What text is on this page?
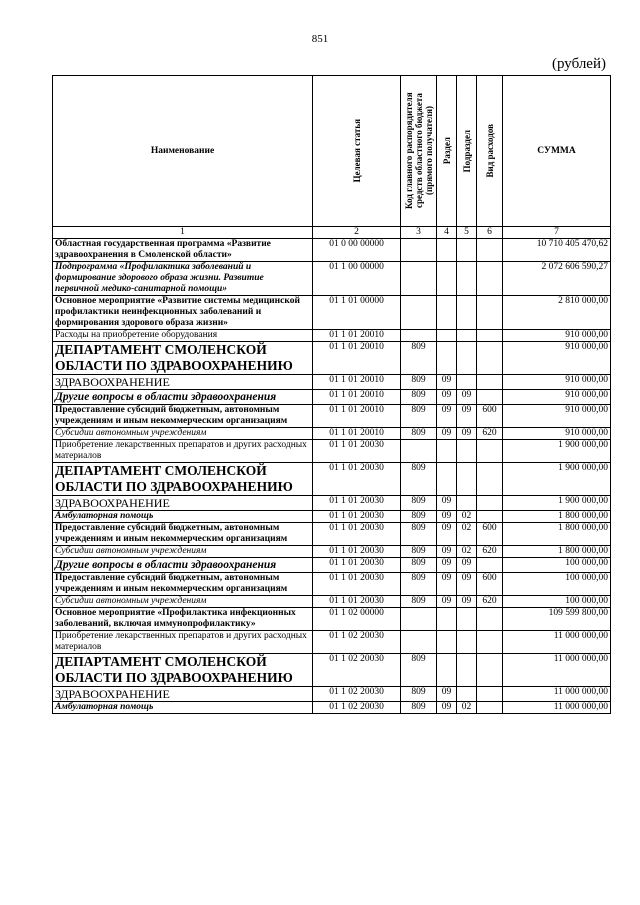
851
(рублей)
Наименование	Целевая статья	Код главного распорядителя средств областного бюджета (прямого получателя)	Раздел	Подраздел	Вид расходов	СУММА
1	2	3	4	5	6	7
Областная государственная программа «Развитие здравоохранения в Смоленской области»	01 0 00 00000					10 710 405 470,62
Подпрограмма «Профилактика заболеваний и формирование здорового образа жизни. Развитие первичной медико-санитарной помощи»	01 1 00 00000					2 072 606 590,27
Основное мероприятие «Развитие системы медицинской профилактики неинфекционных заболеваний и формирования здорового образа жизни»	01 1 01 00000					2 810 000,00
Расходы на приобретение оборудования	01 1 01 20010					910 000,00
ДЕПАРТАМЕНТ СМОЛЕНСКОЙ ОБЛАСТИ ПО ЗДРАВООХРАНЕНИЮ	01 1 01 20010	809				910 000,00
ЗДРАВООХРАНЕНИЕ	01 1 01 20010	809	09			910 000,00
Другие вопросы в области здравоохранения	01 1 01 20010	809	09	09		910 000,00
Предоставление субсидий бюджетным, автономным учреждениям и иным некоммерческим организациям	01 1 01 20010	809	09	09	600	910 000,00
Субсидии автономным учреждениям	01 1 01 20010	809	09	09	620	910 000,00
Приобретение лекарственных препаратов и других расходных материалов	01 1 01 20030					1 900 000,00
ДЕПАРТАМЕНТ СМОЛЕНСКОЙ ОБЛАСТИ ПО ЗДРАВООХРАНЕНИЮ	01 1 01 20030	809				1 900 000,00
ЗДРАВООХРАНЕНИЕ	01 1 01 20030	809	09			1 900 000,00
Амбулаторная помощь	01 1 01 20030	809	09	02		1 800 000,00
Предоставление субсидий бюджетным, автономным учреждениям и иным некоммерческим организациям	01 1 01 20030	809	09	02	600	1 800 000,00
Субсидии автономным учреждениям	01 1 01 20030	809	09	02	620	1 800 000,00
Другие вопросы в области здравоохранения	01 1 01 20030	809	09	09		100 000,00
Предоставление субсидий бюджетным, автономным учреждениям и иным некоммерческим организациям	01 1 01 20030	809	09	09	600	100 000,00
Субсидии автономным учреждениям	01 1 01 20030	809	09	09	620	100 000,00
Основное мероприятие «Профилактика инфекционных заболеваний, включая иммунопрофилактику»	01 1 02 00000					109 599 800,00
Приобретение лекарственных препаратов и других расходных материалов	01 1 02 20030					11 000 000,00
ДЕПАРТАМЕНТ СМОЛЕНСКОЙ ОБЛАСТИ ПО ЗДРАВООХРАНЕНИЮ	01 1 02 20030	809				11 000 000,00
ЗДРАВООХРАНЕНИЕ	01 1 02 20030	809	09			11 000 000,00
Амбулаторная помощь	01 1 02 20030	809	09	02		11 000 000,00
